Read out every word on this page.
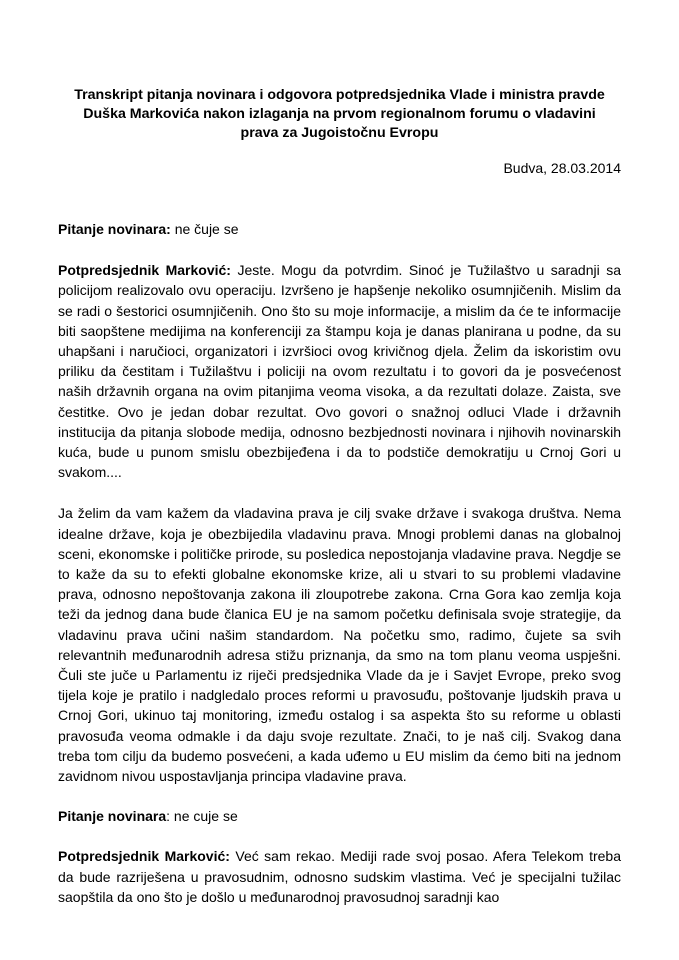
Transkript pitanja novinara i odgovora potpredsjednika Vlade i ministra pravde
Duška Markovića nakon izlaganja na prvom regionalnom forumu o vladavini
prava za Jugoistočnu Evropu
Budva, 28.03.2014

Pitanje novinara: ne čuje se

Potpredsjednik Marković: Jeste. Mogu da potvrdim. Sinoć je Tužilaštvo u saradnji sa policijom realizovalo ovu operaciju. Izvršeno je hapšenje nekoliko osumnjičenih. Mislim da se radi o šestorici osumnjičenih. Ono što su moje informacije, a mislim da će te informacije biti saopštene medijima na konferenciji za štampu koja je danas planirana u podne, da su uhapšani i naručioci, organizatori i izvršioci ovog krivičnog djela. Želim da iskoristim ovu priliku da čestitam i Tužilaštvu i policiji na ovom rezultatu i to govori da je posvećenost naših državnih organa na ovim pitanjima veoma visoka, a da rezultati dolaze. Zaista, sve čestitke. Ovo je jedan dobar rezultat. Ovo govori o snažnoj odluci Vlade i državnih institucija da pitanja slobode medija, odnosno bezbjednosti novinara i njihovih novinarskih kuća, bude u punom smislu obezbijeđena i da to podstiče demokratiju u Crnoj Gori u svakom....

Ja želim da vam kažem da vladavina prava je cilj svake države i svakoga društva. Nema idealne države, koja je obezbijedila vladavinu prava. Mnogi problemi danas na globalnoj sceni, ekonomske i političke prirode, su posledica nepostojanja vladavine prava. Negdje se to kaže da su to efekti globalne ekonomske krize, ali u stvari to su problemi vladavine prava, odnosno nepoštovanja zakona ili zloupotrebe zakona. Crna Gora kao zemlja koja teži da jednog dana bude članica EU je na samom početku definisala svoje strategije, da vladavinu prava učini našim standardom. Na početku smo, radimo, čujete sa svih relevantnih međunarodnih adresa stižu priznanja, da smo na tom planu veoma uspješni. Čuli ste juče u Parlamentu iz riječi predsjednika Vlade da je i Savjet Evrope, preko svog tijela koje je pratilo i nadgledalo proces reformi u pravosuđu, poštovanje ljudskih prava u Crnoj Gori, ukinuo taj monitoring, između ostalog i sa aspekta što su reforme u oblasti pravosuđa veoma odmakle i da daju svoje rezultate. Znači, to je naš cilj. Svakog dana treba tom cilju da budemo posvećeni, a kada uđemo u EU mislim da ćemo biti na jednom zavidnom nivou uspostavljanja principa vladavine prava.

Pitanje novinara: ne cuje se

Potpredsjednik Marković: Već sam rekao. Mediji rade svoj posao. Afera Telekom treba da bude razriješena u pravosudnim, odnosno sudskim vlastima. Već je specijalni tužilac saopštila da ono što je došlo u međunarodnoj pravosudnoj saradnji kao
